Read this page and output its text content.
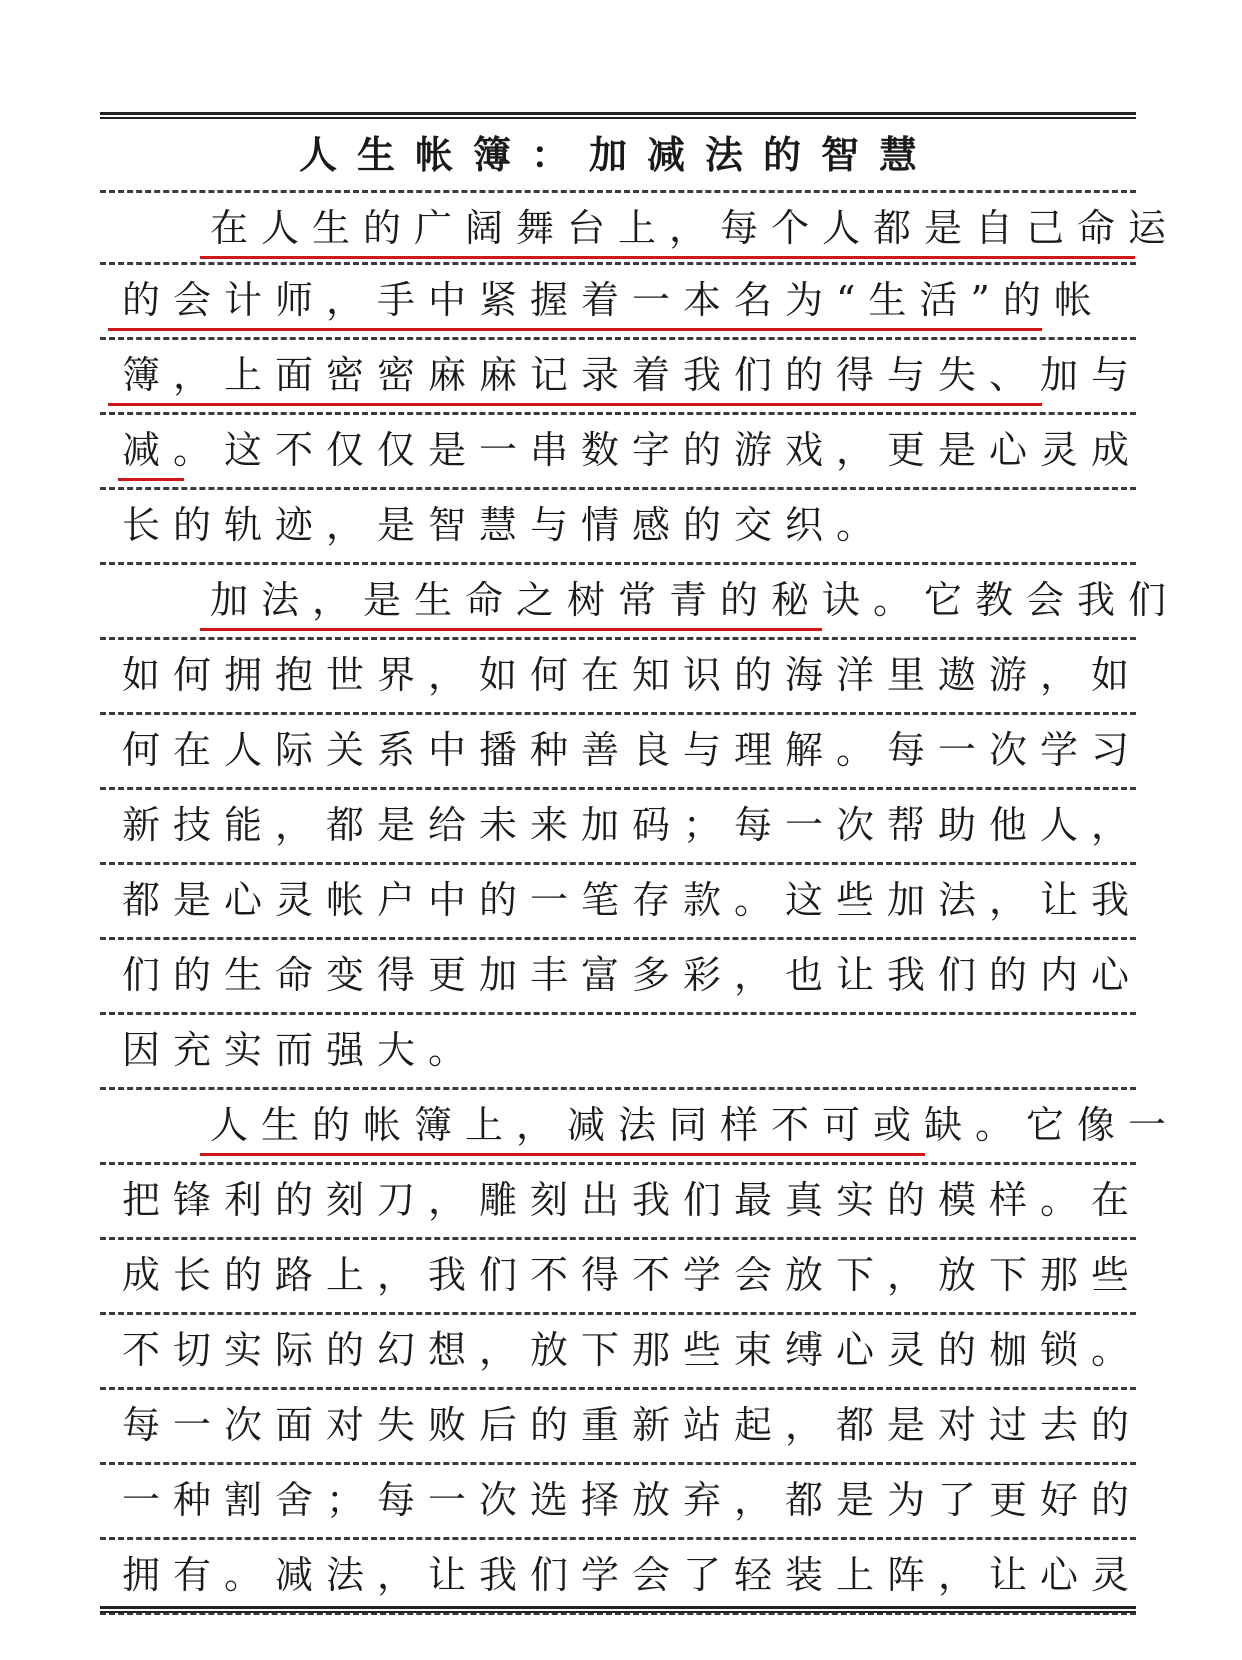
人生帐簿：加减法的智慧
在人生的广阔舞台上，每个人都是自己命运
的会计师，手中紧握着一本名为“生活”的帐
簿，上面密密麻麻记录着我们的得与失、加与
减。这不仅仅是一串数字的游戏，更是心灵成
长的轨迹，是智慧与情感的交织。
加法，是生命之树常青的秘诀。它教会我们
如何拥抱世界，如何在知识的海洋里遨游，如
何在人际关系中播种善良与理解。每一次学习
新技能，都是给未来加码；每一次帮助他人，
都是心灵帐户中的一笔存款。这些加法，让我
们的生命变得更加丰富多彩，也让我们的内心
因充实而强大。
人生的帐簿上，减法同样不可或缺。它像一
把锋利的刻刀，雕刻出我们最真实的模样。在
成长的路上，我们不得不学会放下，放下那些
不切实际的幻想，放下那些束缚心灵的枷锁。
每一次面对失败后的重新站起，都是对过去的
一种割舍；每一次选择放弃，都是为了更好的
拥有。减法，让我们学会了轻装上阵，让心灵
